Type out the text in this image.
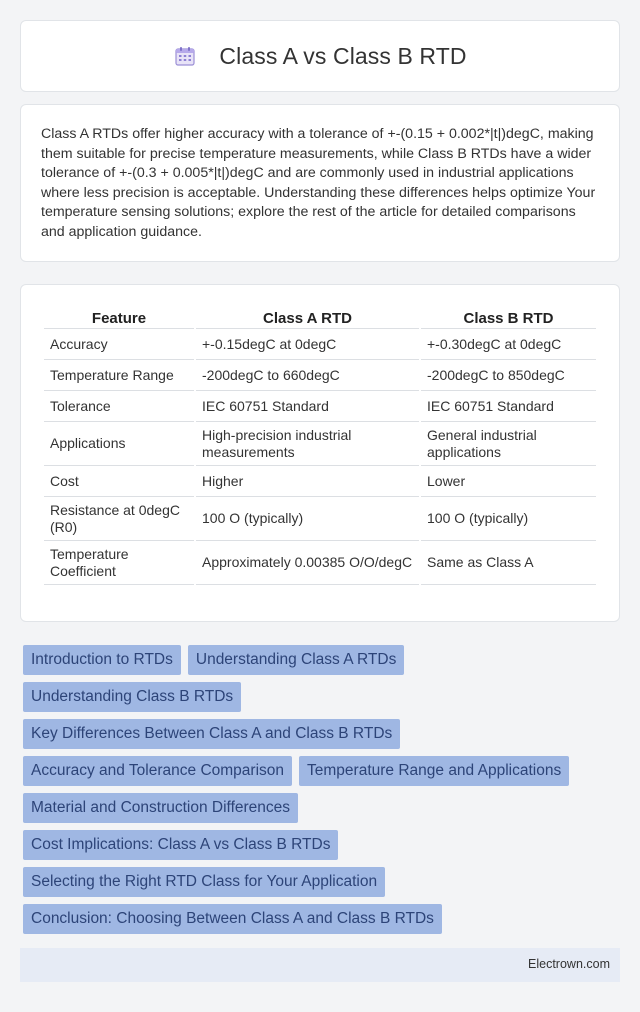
Class A vs Class B RTD

Class A RTDs offer higher accuracy with a tolerance of +-(0.15 + 0.002*|t|)degC, making them suitable for precise temperature measurements, while Class B RTDs have a wider tolerance of +-(0.3 + 0.005*|t|)degC and are commonly used in industrial applications where less precision is acceptable. Understanding these differences helps optimize Your temperature sensing solutions; explore the rest of the article for detailed comparisons and application guidance.

Feature	Class A RTD	Class B RTD
Accuracy	+-0.15degC at 0degC	+-0.30degC at 0degC
Temperature Range	-200degC to 660degC	-200degC to 850degC
Tolerance	IEC 60751 Standard	IEC 60751 Standard
Applications	High-precision industrial measurements	General industrial applications
Cost	Higher	Lower
Resistance at 0degC (R0)	100 O (typically)	100 O (typically)
Temperature Coefficient	Approximately 0.00385 O/O/degC	Same as Class A
Introduction to RTDs	Understanding Class A RTDs
Understanding Class B RTDs
Key Differences Between Class A and Class B RTDs
Accuracy and Tolerance Comparison	Temperature Range and Applications
Material and Construction Differences
Cost Implications: Class A vs Class B RTDs
Selecting the Right RTD Class for Your Application
Conclusion: Choosing Between Class A and Class B RTDs
Electrown.com
